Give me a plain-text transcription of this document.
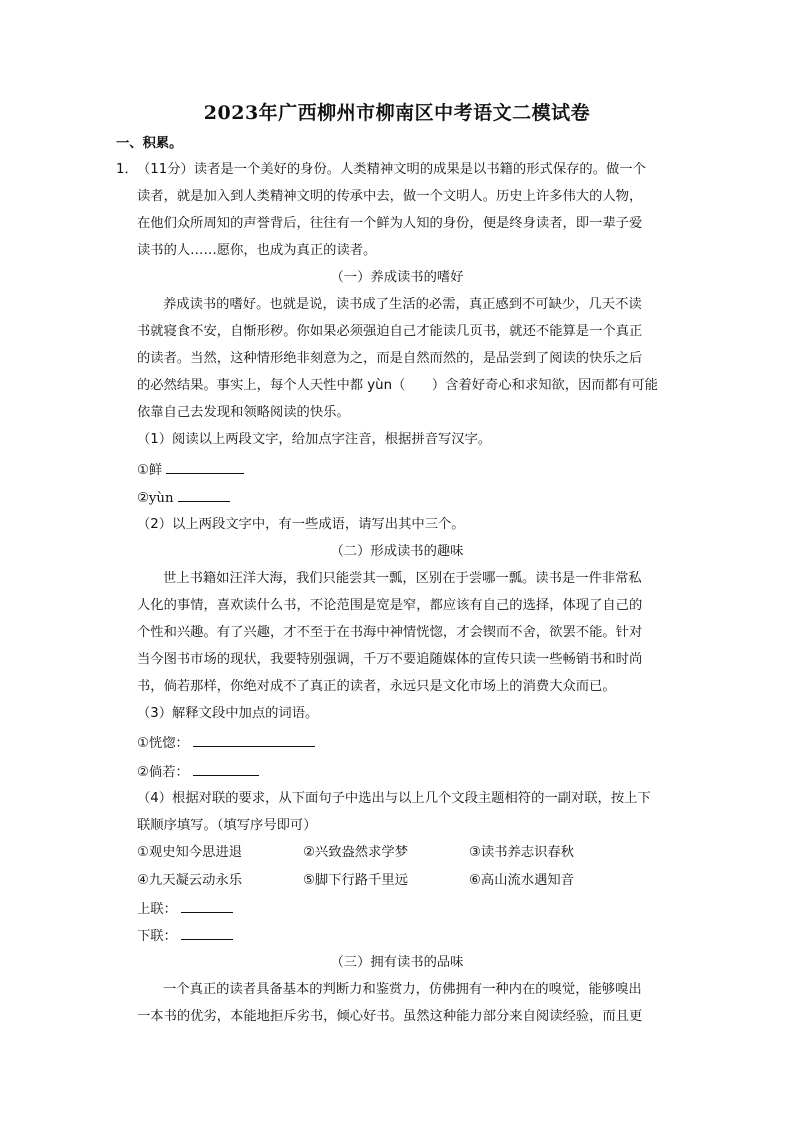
2023年广西柳州市柳南区中考语文二模试卷
一、积累。
1． （11分）读者是一个美好的身份。人类精神文明的成果是以书籍的形式保存的。做一个
读者，就是加入到人类精神文明的传承中去，做一个文明人。历史上许多伟大的人物，
在他们众所周知的声誉背后，往往有一个鲜为人知的身份，便是终身读者，即一辈子爱
读书的人……愿你，也成为真正的读者。
（一）养成读书的嗜好
养成读书的嗜好。也就是说，读书成了生活的必需，真正感到不可缺少，几天不读
书就寝食不安，自惭形秽。你如果必须强迫自己才能读几页书，就还不能算是一个真正
的读者。当然，这种情形绝非刻意为之，而是自然而然的，是品尝到了阅读的快乐之后
的必然结果。事实上，每个人天性中都 yùn（　　）含着好奇心和求知欲，因而都有可能
依靠自己去发现和领略阅读的快乐。
（1）阅读以上两段文字，给加点字注音，根据拼音写汉字。
①鲜
②yùn
（2）以上两段文字中，有一些成语，请写出其中三个。
（二）形成读书的趣味
世上书籍如汪洋大海，我们只能尝其一瓢，区别在于尝哪一瓢。读书是一件非常私
人化的事情，喜欢读什么书，不论范围是宽是窄，都应该有自己的选择，体现了自己的
个性和兴趣。有了兴趣，才不至于在书海中神情恍惚，才会锲而不舍，欲罢不能。针对
当今图书市场的现状，我要特别强调，千万不要追随媒体的宣传只读一些畅销书和时尚
书，倘若那样，你绝对成不了真正的读者，永远只是文化市场上的消费大众而已。
（3）解释文段中加点的词语。
①恍惚：
②倘若：
（4）根据对联的要求，从下面句子中选出与以上几个文段主题相符的一副对联，按上下
联顺序填写。（填写序号即可）
①观史知今思进退	②兴致盎然求学梦	③读书养志识春秋
④九天凝云动永乐	⑤脚下行路千里远	⑥高山流水遇知音
上联：
下联：
（三）拥有读书的品味
一个真正的读者具备基本的判断力和鉴赏力，仿佛拥有一种内在的嗅觉，能够嗅出
一本书的优劣，本能地拒斥劣书，倾心好书。虽然这种能力部分来自阅读经验，而且更
